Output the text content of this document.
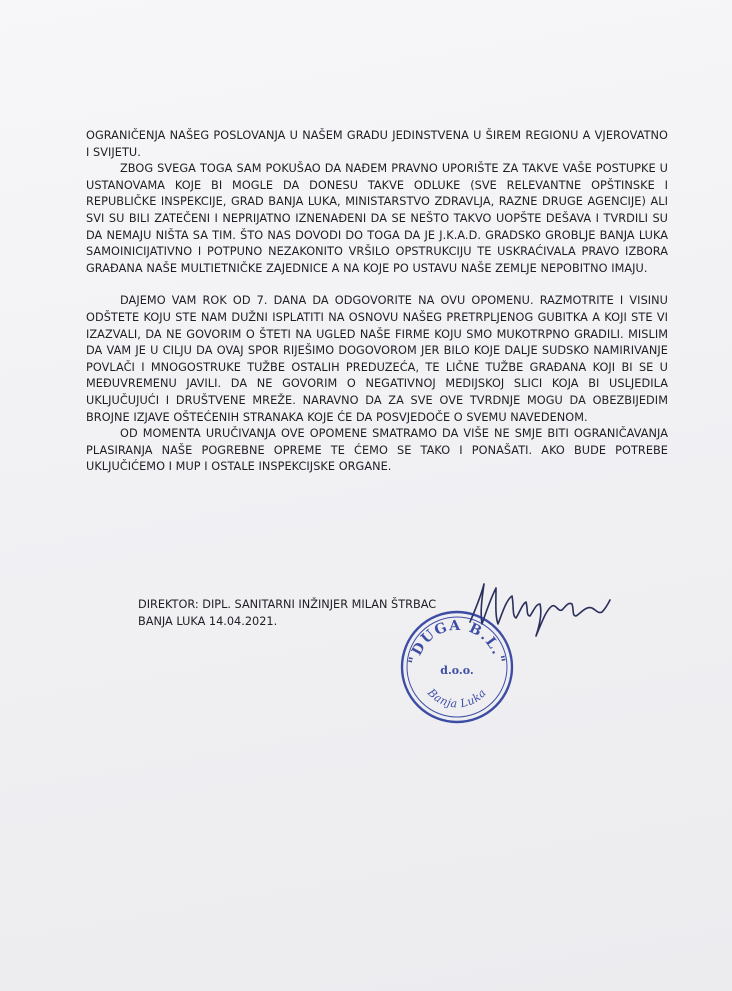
OGRANIČENJA NAŠEG POSLOVANJA U NAŠEM GRADU JEDINSTVENA U ŠIREM REGIONU A VJEROVATNO I SVIJETU.

ZBOG SVEGA TOGA SAM POKUŠAO DA NAĐEM PRAVNO UPORIŠTE ZA TAKVE VAŠE POSTUPKE U USTANOVAMA KOJE BI MOGLE DA DONESU TAKVE ODLUKE (SVE RELEVANTNE OPŠTINSKE I REPUBLIČKE INSPEKCIJE, GRAD BANJA LUKA, MINISTARSTVO ZDRAVLJA, RAZNE DRUGE AGENCIJE) ALI SVI SU BILI ZATEČENI I NEPRIJATNO IZNENAĐENI DA SE NEŠTO TAKVO UOPŠTE DEŠAVA I TVRDILI SU DA NEMAJU NIŠTA SA TIM. ŠTO NAS DOVODI DO TOGA DA JE J.K.A.D. GRADSKO GROBLJE BANJA LUKA SAMOINICIJATIVNO I POTPUNO NEZAKONITO VRŠILO OPSTRUKCIJU TE USKRAĆIVALA PRAVO IZBORA GRAĐANA NAŠE MULTIETNIČKE ZAJEDNICE A NA KOJE PO USTAVU NAŠE ZEMLJE NEPOBITNO IMAJU.

DAJEMO VAM ROK OD 7. DANA DA ODGOVORITE NA OVU OPOMENU. RAZMOTRITE I VISINU ODŠTETE KOJU STE NAM DUŽNI ISPLATITI NA OSNOVU NAŠEG PRETRPLJENOG GUBITKA A KOJI STE VI IZAZVALI, DA NE GOVORIM O ŠTETI NA UGLED NAŠE FIRME KOJU SMO MUKOTRPNO GRADILI. MISLIM DA VAM JE U CILJU DA OVAJ SPOR RIJEŠIMO DOGOVOROM JER BILO KOJE DALJE SUDSKO NAMIRIVANJE POVLAČI I MNOGOSTRUKE TUŽBE OSTALIH PREDUZEĆA, TE LIČNE TUŽBE GRAĐANA KOJI BI SE U MEĐUVREMENU JAVILI. DA NE GOVORIM O NEGATIVNOJ MEDIJSKOJ SLICI KOJA BI USLJEDILA UKLJUČUJUĆI I DRUŠTVENE MREŽE. NARAVNO DA ZA SVE OVE TVRDNJE MOGU DA OBEZBIJEDIM BROJNE IZJAVE OŠTEĆENIH STRANAKA KOJE ĆE DA POSVJEDOČE O SVEMU NAVEDENOM.

OD MOMENTA URUČIVANJA OVE OPOMENE SMATRAMO DA VIŠE NE SMJE BITI OGRANIČAVANJA PLASIRANJA NAŠE POGREBNE OPREME TE ĆEMO SE TAKO I PONAŠATI. AKO BUDE POTREBE UKLJUČIĆEMO I MUP I OSTALE INSPEKCIJSKE ORGANE.

DIREKTOR: DIPL. SANITARNI INŽINJER MILAN ŠTRBAC
BANJA LUKA 14.04.2021.
"DUGA B.L."
d.o.o.
Banja Luka
